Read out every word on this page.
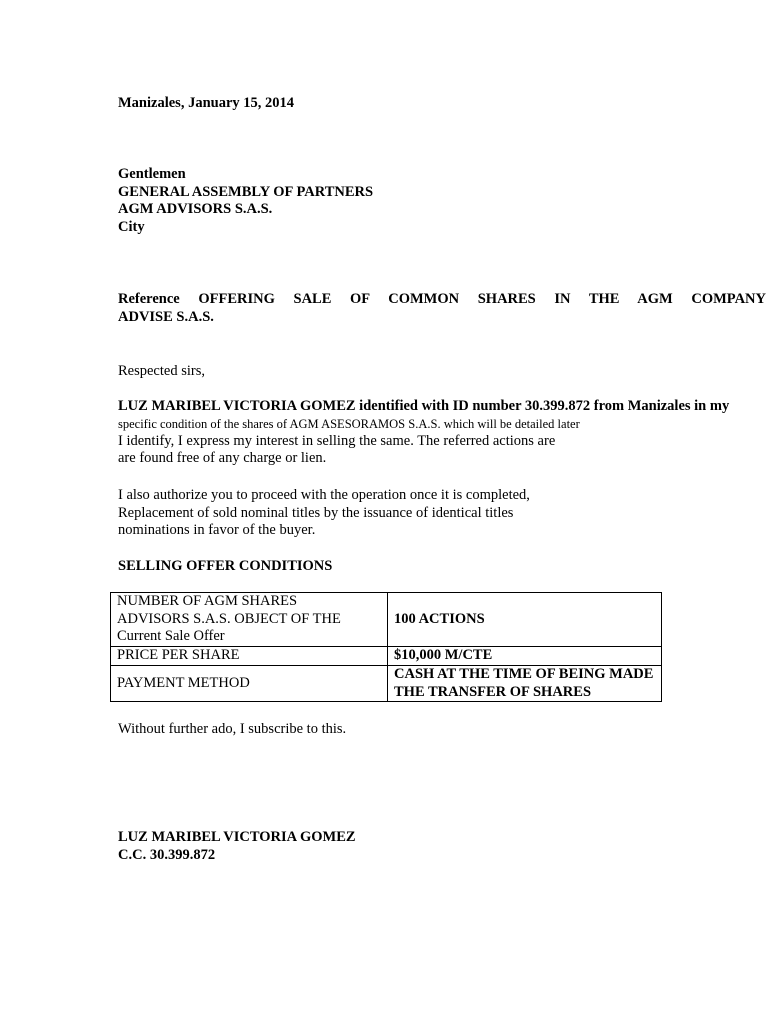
Manizales, January 15, 2014
Gentlemen
GENERAL ASSEMBLY OF PARTNERS
AGM ADVISORS S.A.S.
City
Reference OFFERING SALE OF COMMON SHARES IN THE AGM COMPANY
ADVISE S.A.S.
Respected sirs,
LUZ MARIBEL VICTORIA GOMEZ identified with ID number 30.399.872 from Manizales in my
specific condition of the shares of AGM ASESORAMOS S.A.S. which will be detailed later
I identify, I express my interest in selling the same. The referred actions are
are found free of any charge or lien.
I also authorize you to proceed with the operation once it is completed,
Replacement of sold nominal titles by the issuance of identical titles
nominations in favor of the buyer.
SELLING OFFER CONDITIONS
NUMBER OF AGM SHARES
ADVISORS S.A.S. OBJECT OF THE
Current Sale Offer	100 ACTIONS

PRICE PER SHARE	$10,000 M/CTE

PAYMENT METHOD	CASH AT THE TIME OF BEING MADE
THE TRANSFER OF SHARES
Without further ado, I subscribe to this.
LUZ MARIBEL VICTORIA GOMEZ
C.C. 30.399.872
